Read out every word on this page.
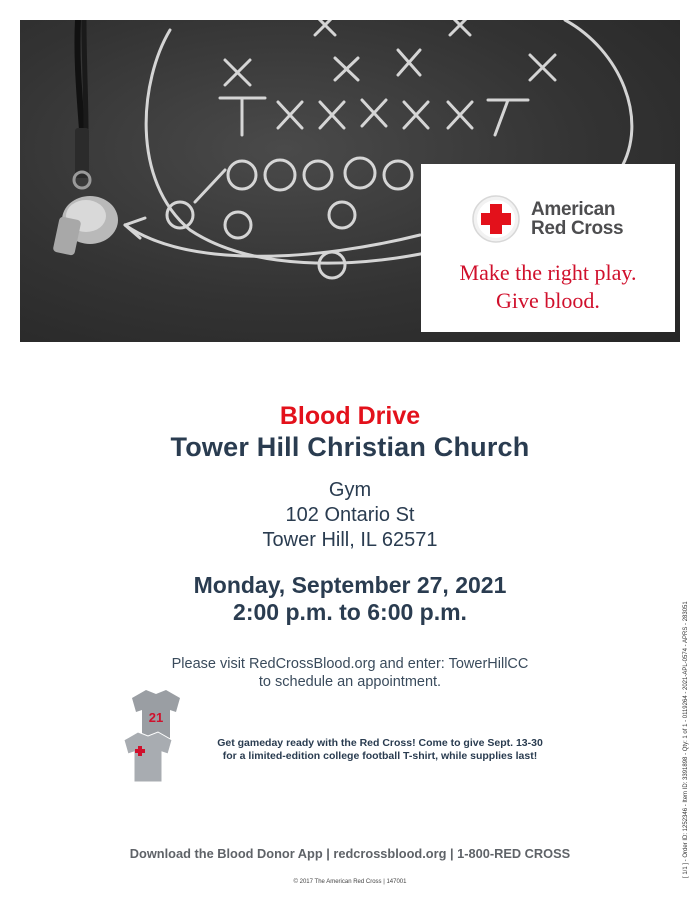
American
Red Cross
Make the right play.
Give blood.
Blood Drive
Tower Hill Christian Church
Gym
102 Ontario St
Tower Hill, IL 62571
Monday, September 27, 2021
2:00 p.m. to 6:00 p.m.
Please visit RedCrossBlood.org and enter: TowerHillCC
to schedule an appointment.
21
Get gameday ready with the Red Cross! Come to give Sept. 13-30
for a limited-edition college football T-shirt, while supplies last!
Download the Blood Donor App | redcrossblood.org | 1-800-RED CROSS
© 2017 The American Red Cross | 147001
[ 1/1 ] - Order ID: 1252346 - Item ID: 3391898 - Qty: 1 of 1 - 0119264 - 2021-APL-0574 - APRS - 283051
